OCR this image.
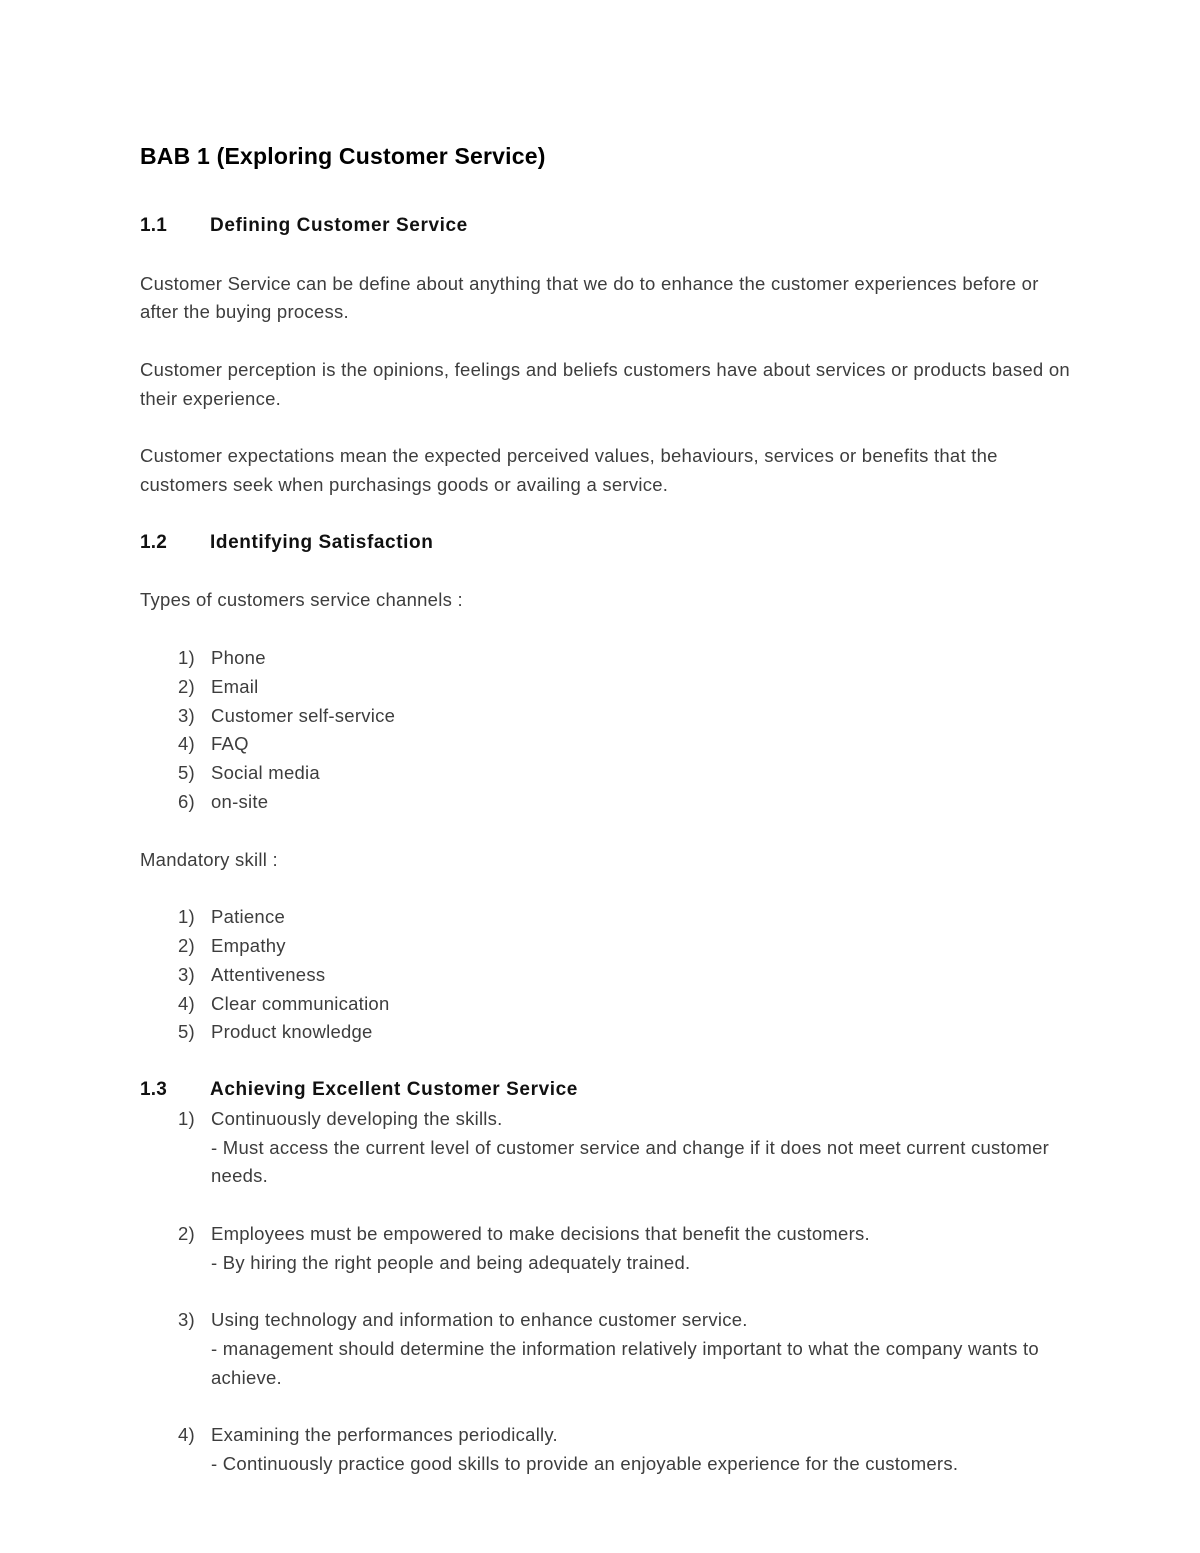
BAB 1 (Exploring Customer Service)
1.1 Defining Customer Service

Customer Service can be define about anything that we do to enhance the customer experiences before or after the buying process.

Customer perception is the opinions, feelings and beliefs customers have about services or products based on their experience.

Customer expectations mean the expected perceived values, behaviours, services or benefits that the customers seek when purchasings goods or availing a service.

1.2 Identifying Satisfaction

Types of customers service channels :

1) Phone
2) Email
3) Customer self-service
4) FAQ
5) Social media
6) on-site

Mandatory skill :

1) Patience
2) Empathy
3) Attentiveness
4) Clear communication
5) Product knowledge
1.3 Achieving Excellent Customer Service
1) Continuously developing the skills.
- Must access the current level of customer service and change if it does not meet current customer needs.
2) Employees must be empowered to make decisions that benefit the customers.
- By hiring the right people and being adequately trained.
3) Using technology and information to enhance customer service.
- management should determine the information relatively important to what the company wants to achieve.
4) Examining the performances periodically.
- Continuously practice good skills to provide an enjoyable experience for the customers.
